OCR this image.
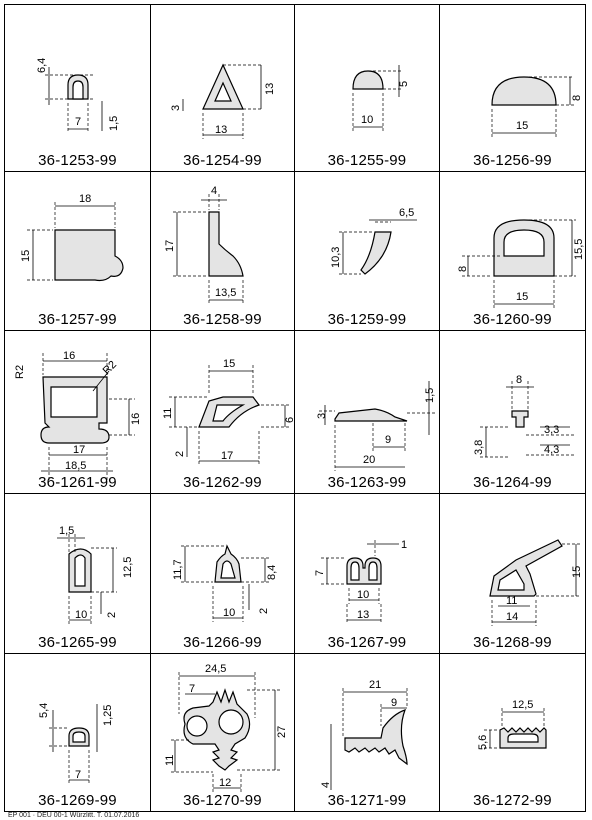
6,4
7 1,5
36-1253-99
13
3
13
36-1254-99
5
10
36-1255-99
8
15
36-1256-99
18
15
36-1257-99
4
17
13,5
36-1258-99
6,5
10,3
36-1259-99
15,5
8
15
36-1260-99
16
R2	R2
16
17
18,5
36-1261-99
15
11
6
2	17
36-1262-99
3
1,5
9
20
36-1263-99
8
3,3
4,3
3,8
36-1264-99
1,5
12,5
2
10
36-1265-99
11,7	8,4
2
10
36-1266-99
1
7
10
13
36-1267-99
15
11
14
36-1268-99
5,4	1,25
7
36-1269-99
24,5
7
27
11
12
36-1270-99
21
9
4
36-1271-99
12,5
5,6
36-1272-99
EP 001 · DEU 00-1 Würzlitt. T. 01.07.2016
